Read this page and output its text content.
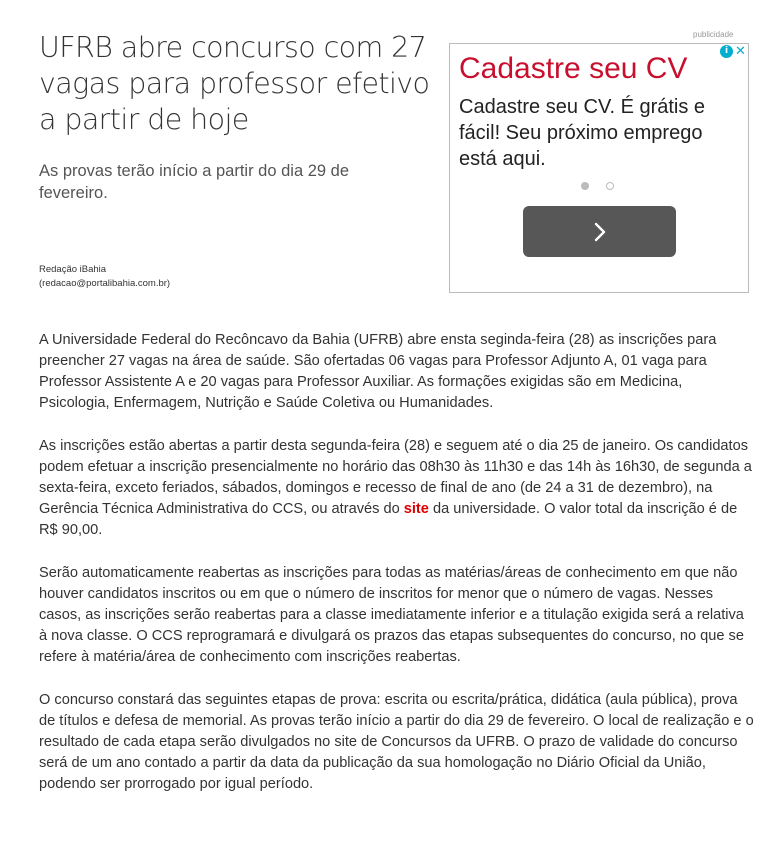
UFRB abre concurso com 27 vagas para professor efetivo a partir de hoje

As provas terão início a partir do dia 29 de fevereiro.

Redação iBahia
(redacao@portalibahia.com.br)
publicidade
i ✕
Cadastre seu CV
Cadastre seu CV. É grátis e fácil! Seu próximo emprego está aqui.

A Universidade Federal do Recôncavo da Bahia (UFRB) abre ensta seginda-feira (28) as inscrições para preencher 27 vagas na área de saúde. São ofertadas 06 vagas para Professor Adjunto A, 01 vaga para Professor Assistente A e 20 vagas para Professor Auxiliar. As formações exigidas são em Medicina, Psicologia, Enfermagem, Nutrição e Saúde Coletiva ou Humanidades.

As inscrições estão abertas a partir desta segunda-feira (28) e seguem até o dia 25 de janeiro. Os candidatos podem efetuar a inscrição presencialmente no horário das 08h30 às 11h30 e das 14h às 16h30, de segunda a sexta-feira, exceto feriados, sábados, domingos e recesso de final de ano (de 24 a 31 de dezembro), na Gerência Técnica Administrativa do CCS, ou através do site da universidade. O valor total da inscrição é de R$ 90,00.

Serão automaticamente reabertas as inscrições para todas as matérias/áreas de conhecimento em que não houver candidatos inscritos ou em que o número de inscritos for menor que o número de vagas. Nesses casos, as inscrições serão reabertas para a classe imediatamente inferior e a titulação exigida será a relativa à nova classe. O CCS reprogramará e divulgará os prazos das etapas subsequentes do concurso, no que se refere à matéria/área de conhecimento com inscrições reabertas.

O concurso constará das seguintes etapas de prova: escrita ou escrita/prática, didática (aula pública), prova de títulos e defesa de memorial. As provas terão início a partir do dia 29 de fevereiro. O local de realização e o resultado de cada etapa serão divulgados no site de Concursos da UFRB. O prazo de validade do concurso será de um ano contado a partir da data da publicação da sua homologação no Diário Oficial da União, podendo ser prorrogado por igual período.
